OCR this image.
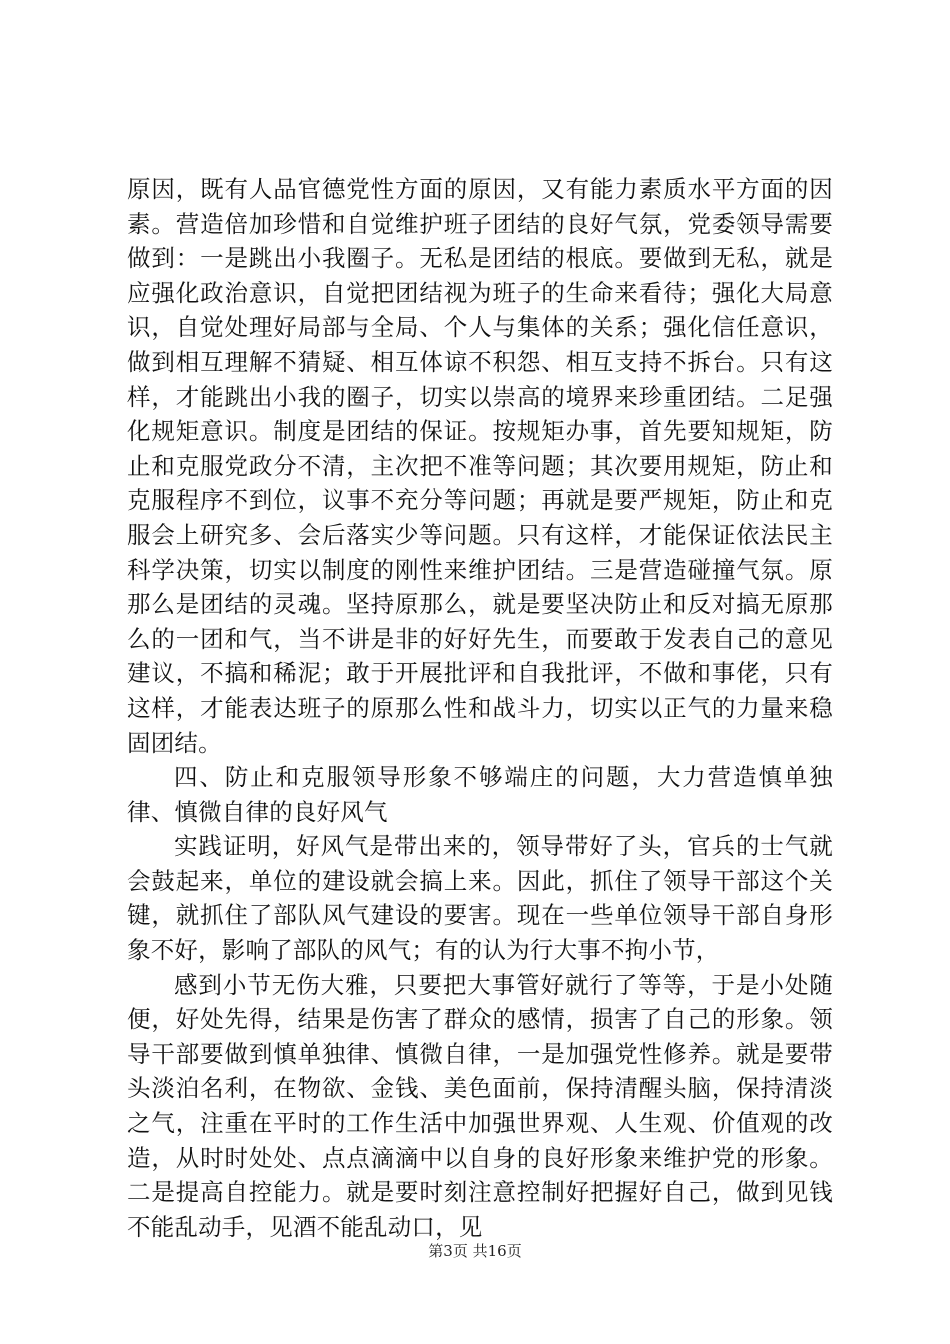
原因，既有人品官德党性方面的原因，又有能力素质水平方面的因素。营造倍加珍惜和自觉维护班子团结的良好气氛，党委领导需要做到：一是跳出小我圈子。无私是团结的根底。要做到无私，就是应强化政治意识，自觉把团结视为班子的生命来看待；强化大局意识，自觉处理好局部与全局、个人与集体的关系；强化信任意识，做到相互理解不猜疑、相互体谅不积怨、相互支持不拆台。只有这样，才能跳出小我的圈子，切实以崇高的境界来珍重团结。二足强化规矩意识。制度是团结的保证。按规矩办事，首先要知规矩，防止和克服党政分不清，主次把不准等问题；其次要用规矩，防止和克服程序不到位，议事不充分等问题；再就是要严规矩，防止和克服会上研究多、会后落实少等问题。只有这样，才能保证依法民主科学决策，切实以制度的刚性来维护团结。三是营造碰撞气氛。原那么是团结的灵魂。坚持原那么，就是要坚决防止和反对搞无原那么的一团和气，当不讲是非的好好先生，而要敢于发表自己的意见建议，不搞和稀泥；敢于开展批评和自我批评，不做和事佬，只有这样，才能表达班子的原那么性和战斗力，切实以正气的力量来稳固团结。

四、防止和克服领导形象不够端庄的问题，大力营造慎单独律、慎微自律的良好风气

实践证明，好风气是带出来的，领导带好了头，官兵的士气就会鼓起来，单位的建设就会搞上来。因此，抓住了领导干部这个关键，就抓住了部队风气建设的要害。现在一些单位领导干部自身形象不好，影响了部队的风气；有的认为行大事不拘小节，

感到小节无伤大雅，只要把大事管好就行了等等，于是小处随便，好处先得，结果是伤害了群众的感情，损害了自己的形象。领导干部要做到慎单独律、慎微自律，一是加强党性修养。就是要带头淡泊名利，在物欲、金钱、美色面前，保持清醒头脑，保持清淡之气，注重在平时的工作生活中加强世界观、人生观、价值观的改造，从时时处处、点点滴滴中以自身的良好形象来维护党的形象。二是提高自控能力。就是要时刻注意控制好把握好自己，做到见钱不能乱动手，见酒不能乱动口，见

第3页 共16页
